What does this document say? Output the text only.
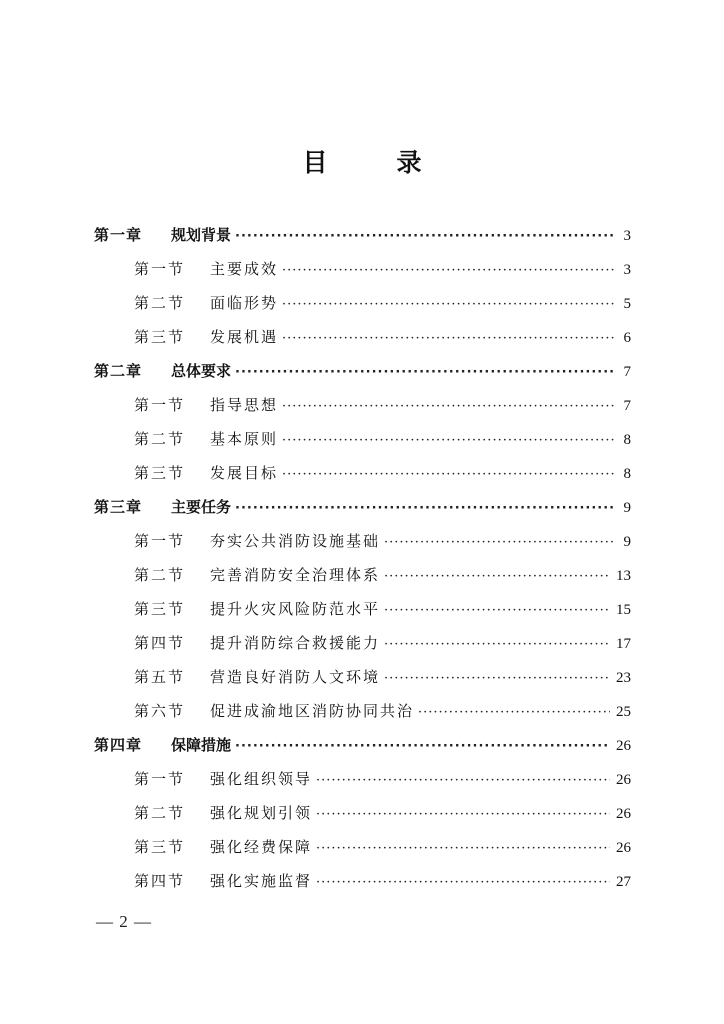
目　录
第一章	规划背景 ·····	3
第一节	主要成效 ·····	3
第二节	面临形势 ·····	5
第三节	发展机遇 ·····	6
第二章	总体要求 ·····	7
第一节	指导思想 ·····	7
第二节	基本原则 ·····	8
第三节	发展目标 ·····	8
第三章	主要任务 ·····	9
第一节	夯实公共消防设施基础 ·····	9
第二节	完善消防安全治理体系 ·····	13
第三节	提升火灾风险防范水平 ·····	15
第四节	提升消防综合救援能力 ·····	17
第五节	营造良好消防人文环境 ·····	23
第六节	促进成渝地区消防协同共治 ·····	25
第四章	保障措施 ·····	26
第一节	强化组织领导 ·····	26
第二节	强化规划引领 ·····	26
第三节	强化经费保障 ·····	26
第四节	强化实施监督 ·····	27
— 2 —
